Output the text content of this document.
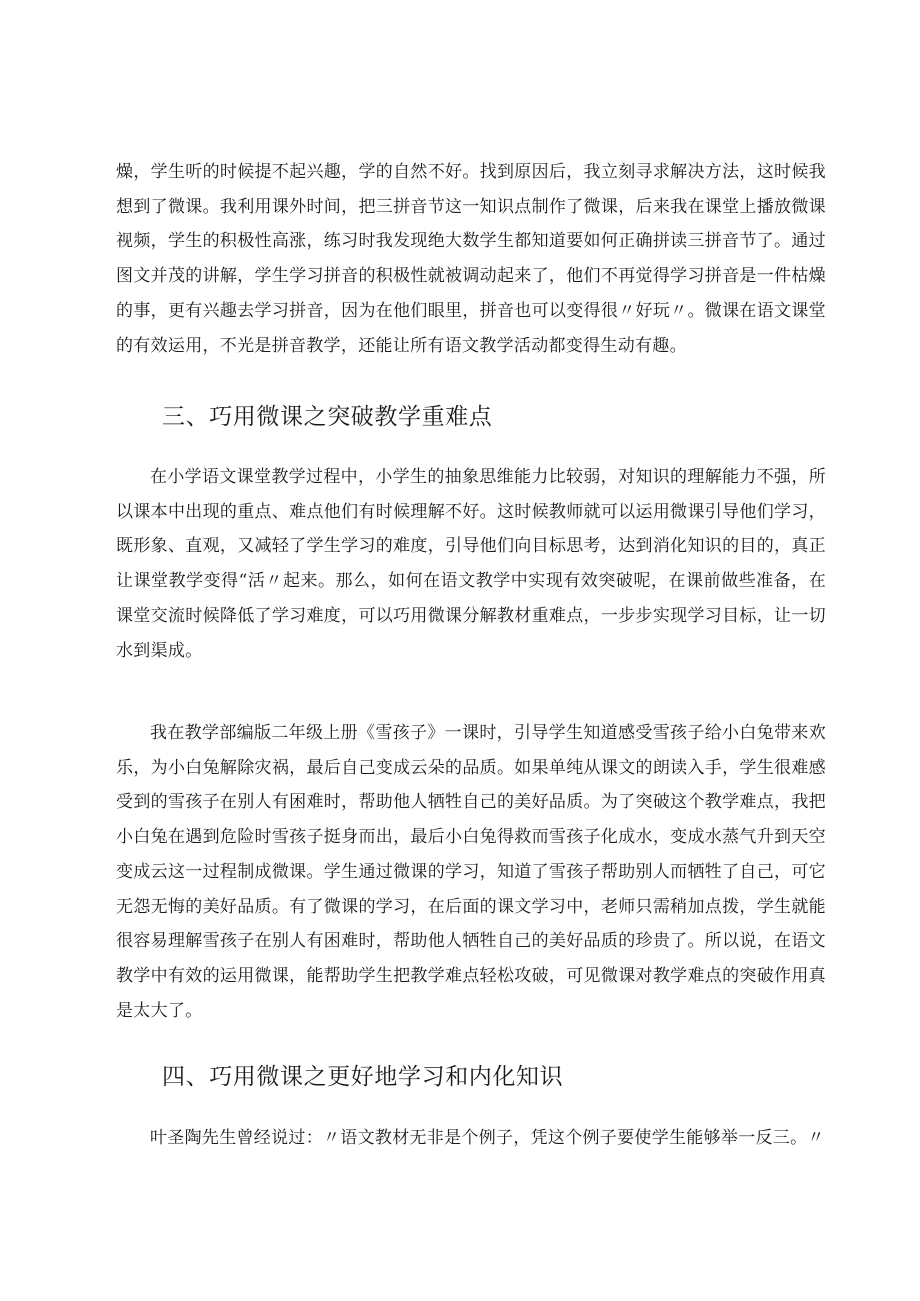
燥，学生听的时候提不起兴趣，学的自然不好。找到原因后，我立刻寻求解决方法，这时候我想到了微课。我利用课外时间，把三拼音节这一知识点制作了微课，后来我在课堂上播放微课视频，学生的积极性高涨，练习时我发现绝大数学生都知道要如何正确拼读三拼音节了。通过图文并茂的讲解，学生学习拼音的积极性就被调动起来了，他们不再觉得学习拼音是一件枯燥的事，更有兴趣去学习拼音，因为在他们眼里，拼音也可以变得很〃好玩〃。微课在语文课堂的有效运用，不光是拼音教学，还能让所有语文教学活动都变得生动有趣。

三、巧用微课之突破教学重难点

在小学语文课堂教学过程中，小学生的抽象思维能力比较弱，对知识的理解能力不强，所以课本中出现的重点、难点他们有时候理解不好。这时候教师就可以运用微课引导他们学习，既形象、直观，又减轻了学生学习的难度，引导他们向目标思考，达到消化知识的目的，真正让课堂教学变得“活〃起来。那么，如何在语文教学中实现有效突破呢，在课前做些准备，在课堂交流时候降低了学习难度，可以巧用微课分解教材重难点，一步步实现学习目标，让一切水到渠成。

我在教学部编版二年级上册《雪孩子》一课时，引导学生知道感受雪孩子给小白兔带来欢乐，为小白兔解除灾祸，最后自己变成云朵的品质。如果单纯从课文的朗读入手，学生很难感受到的雪孩子在别人有困难时，帮助他人牺牲自己的美好品质。为了突破这个教学难点，我把小白兔在遇到危险时雪孩子挺身而出，最后小白兔得救而雪孩子化成水，变成水蒸气升到天空变成云这一过程制成微课。学生通过微课的学习，知道了雪孩子帮助别人而牺牲了自己，可它无怨无悔的美好品质。有了微课的学习，在后面的课文学习中，老师只需稍加点拨，学生就能很容易理解雪孩子在别人有困难时，帮助他人牺牲自己的美好品质的珍贵了。所以说，在语文教学中有效的运用微课，能帮助学生把教学难点轻松攻破，可见微课对教学难点的突破作用真是太大了。

四、巧用微课之更好地学习和内化知识

叶圣陶先生曾经说过：〃语文教材无非是个例子，凭这个例子要使学生能够举一反三。〃
